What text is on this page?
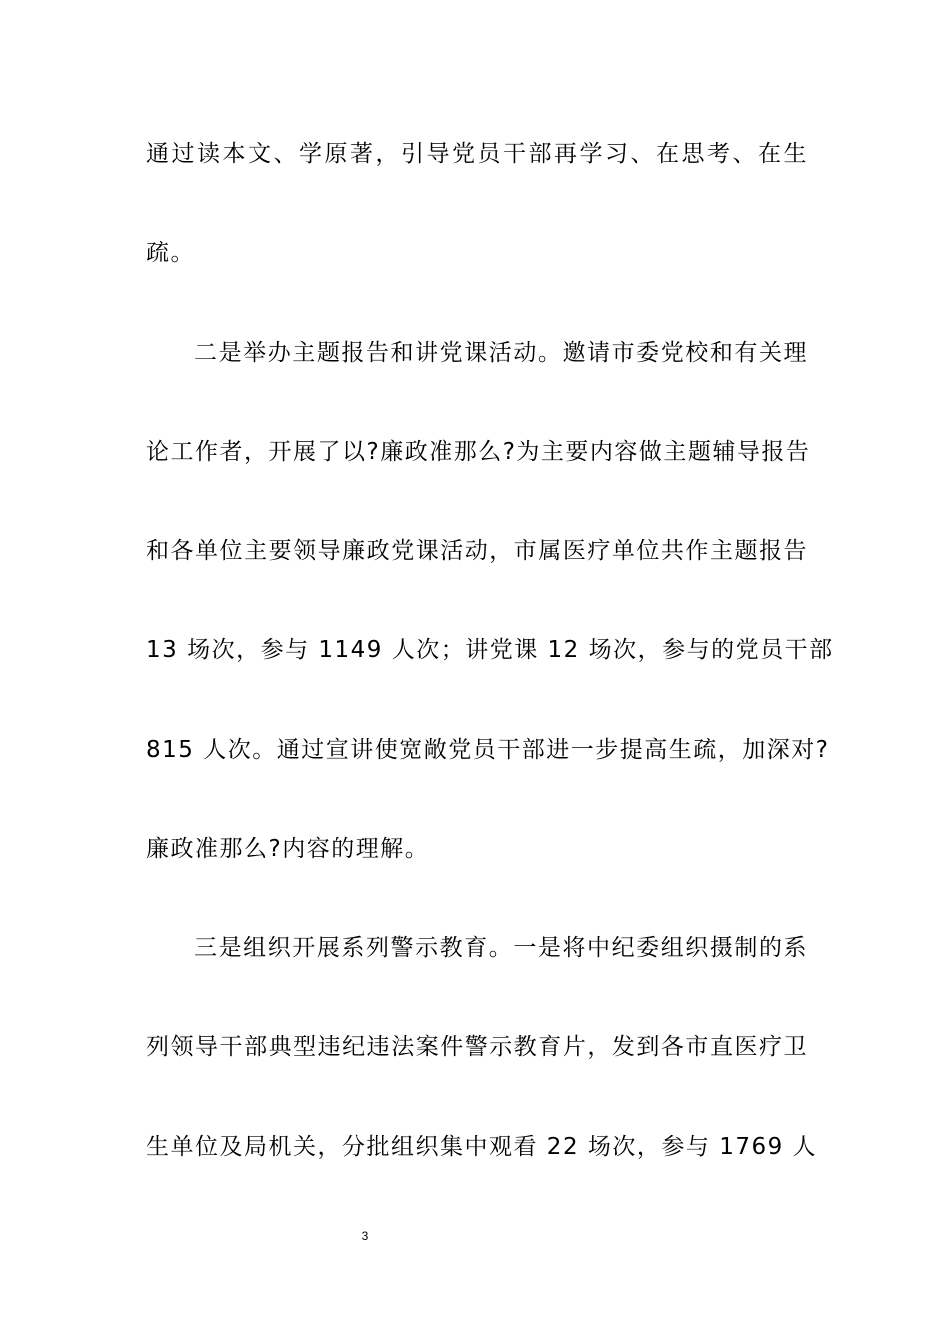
通过读本文、学原著，引导党员干部再学习、在思考、在生
疏。
二是举办主题报告和讲党课活动。邀请市委党校和有关理
论工作者，开展了以?廉政准那么?为主要内容做主题辅导报告
和各单位主要领导廉政党课活动，市属医疗单位共作主题报告
13 场次，参与 1149 人次；讲党课 12 场次，参与的党员干部
815 人次。通过宣讲使宽敞党员干部进一步提高生疏，加深对?
廉政准那么?内容的理解。
三是组织开展系列警示教育。一是将中纪委组织摄制的系
列领导干部典型违纪违法案件警示教育片，发到各市直医疗卫
生单位及局机关，分批组织集中观看 22 场次，参与 1769 人
3
